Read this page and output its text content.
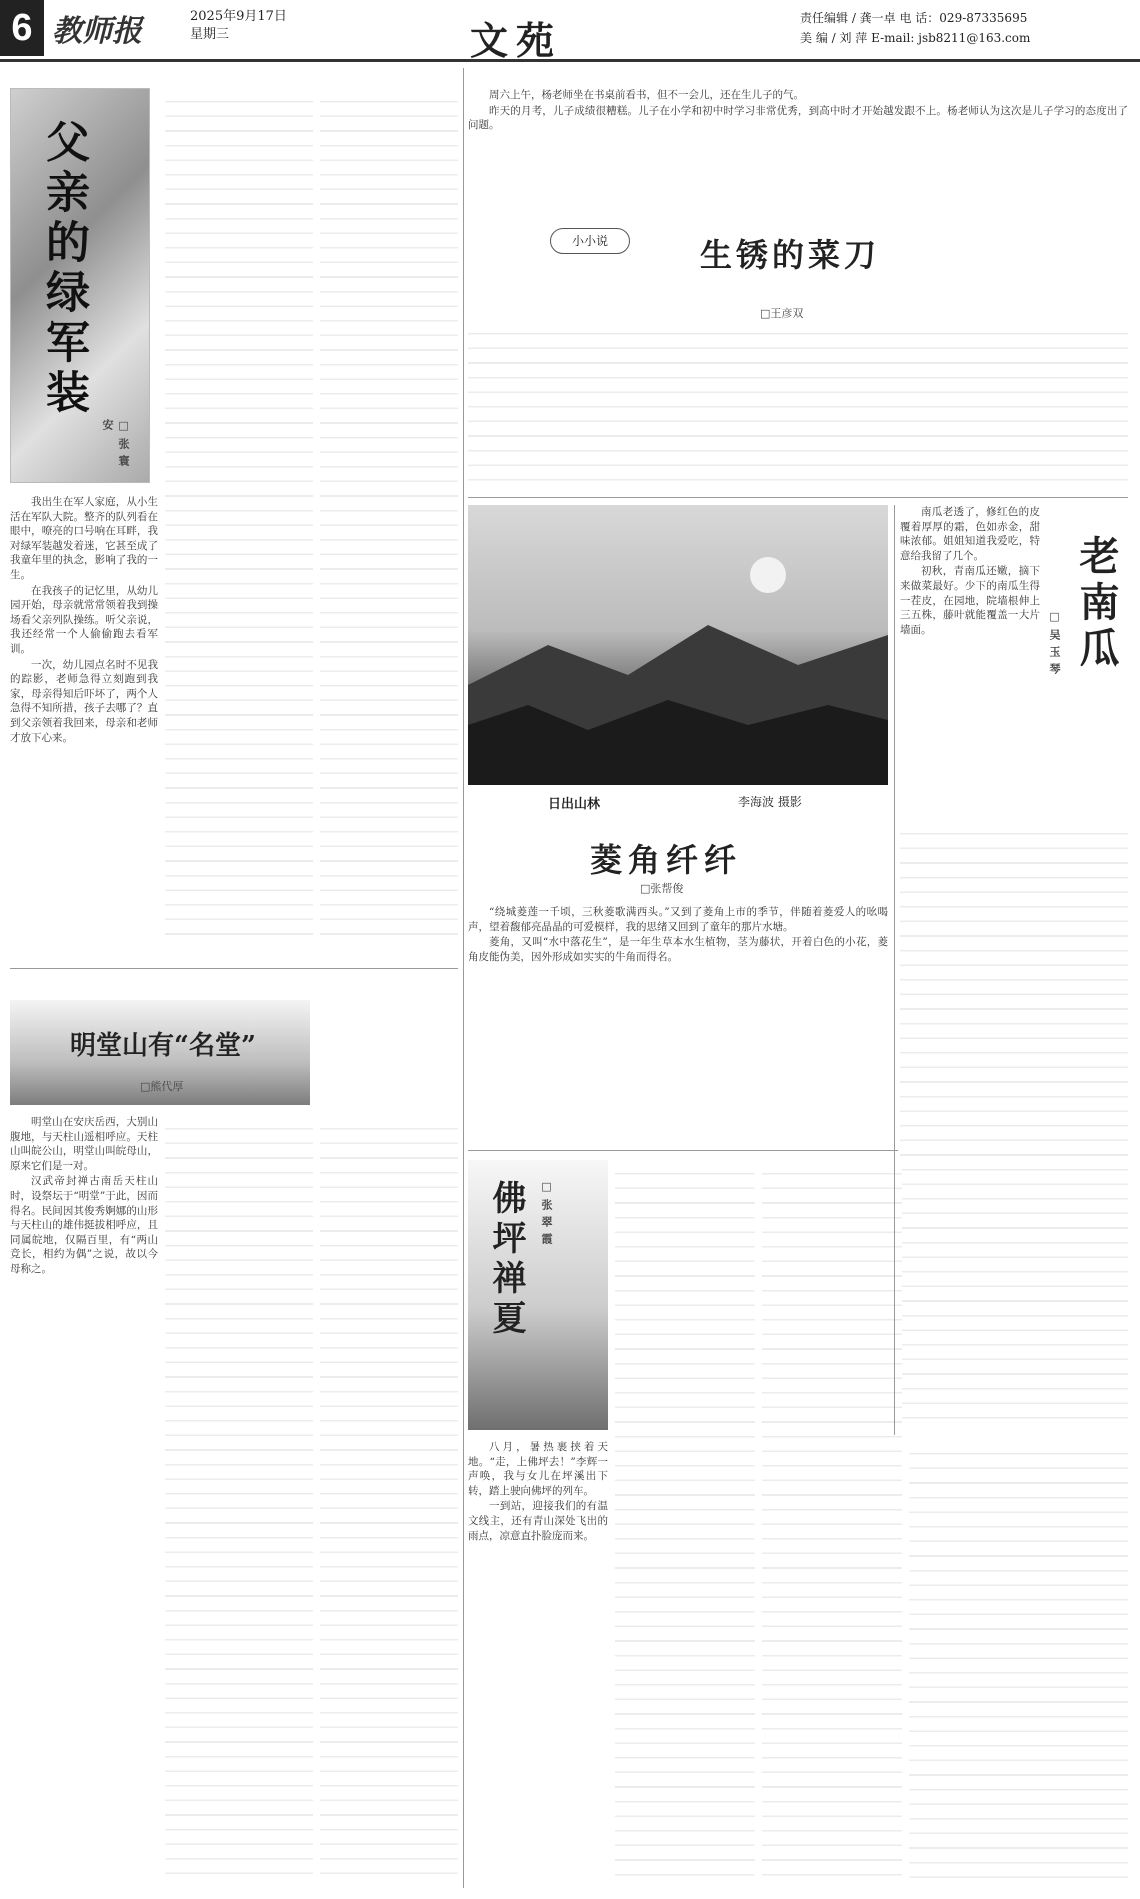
6 教师报	2025年9月17日
星期三	文苑	责任编辑 / 龚一卓 电 话：029-87335695
美 编 / 刘 萍 E-mail: jsb8211@163.com
父亲的绿军装
□张寰安

我出生在军人家庭，从小生活在军队大院。整齐的队列看在眼中，嘹亮的口号响在耳畔，我对绿军装越发着迷，它甚至成了我童年里的执念，影响了我的一生。

在我孩子的记忆里，从幼儿园开始，母亲就常常领着我到操场看父亲列队操练。听父亲说，我还经常一个人偷偷跑去看军训。

一次，幼儿园点名时不见我的踪影，老师急得立刻跑到我家，母亲得知后吓坏了，两个人急得不知所措，孩子去哪了？直到父亲领着我回来，母亲和老师才放下心来。

周六上午，杨老师坐在书桌前看书，但不一会儿，还在生儿子的气。

昨天的月考，儿子成绩很糟糕。儿子在小学和初中时学习非常优秀，到高中时才开始越发跟不上。杨老师认为这次是儿子学习的态度出了问题。

小小说	生锈的菜刀
□王彦双
日出山林	李海波 摄影
老南瓜
□吴玉琴

南瓜老透了，修红色的皮覆着厚厚的霜，色如赤金，甜味浓郁。姐姐知道我爱吃，特意给我留了几个。

初秋，青南瓜还嫩，摘下来做菜最好。少下的南瓜生得一茬皮，在园地，院墙根伸上三五株，藤叶就能覆盖一大片墙面。

明堂山有“名堂”
□熊代厚

明堂山在安庆岳西，大别山腹地，与天柱山遥相呼应。天柱山叫皖公山，明堂山叫皖母山，原来它们是一对。

汉武帝封禅古南岳天柱山时，设祭坛于“明堂”于此，因而得名。民间因其俊秀婀娜的山形与天柱山的雄伟挺拔相呼应，且同属皖地，仅隔百里，有“两山竞长，相约为偶”之说，故以今母称之。

菱角纤纤
□张帮俊

“绕城菱莲一千顷，三秋菱歌满西头。”又到了菱角上市的季节，伴随着菱爱人的吆喝声，望着馥郁亮晶晶的可爱模样，我的思绪又回到了童年的那片水塘。

菱角，又叫“水中落花生”，是一年生草本水生植物，茎为藤状，开着白色的小花，菱角皮能伪美，因外形成如实实的牛角而得名。

佛坪禅夏	□张翠霞

八月，暑热裹挟着天地。“走，上佛坪去！”李辉一声唤，我与女儿在坪溪出下转，踏上驶向佛坪的列车。

一到站，迎接我们的有温文线主，还有青山深处飞出的雨点，凉意直扑脸庞而来。
